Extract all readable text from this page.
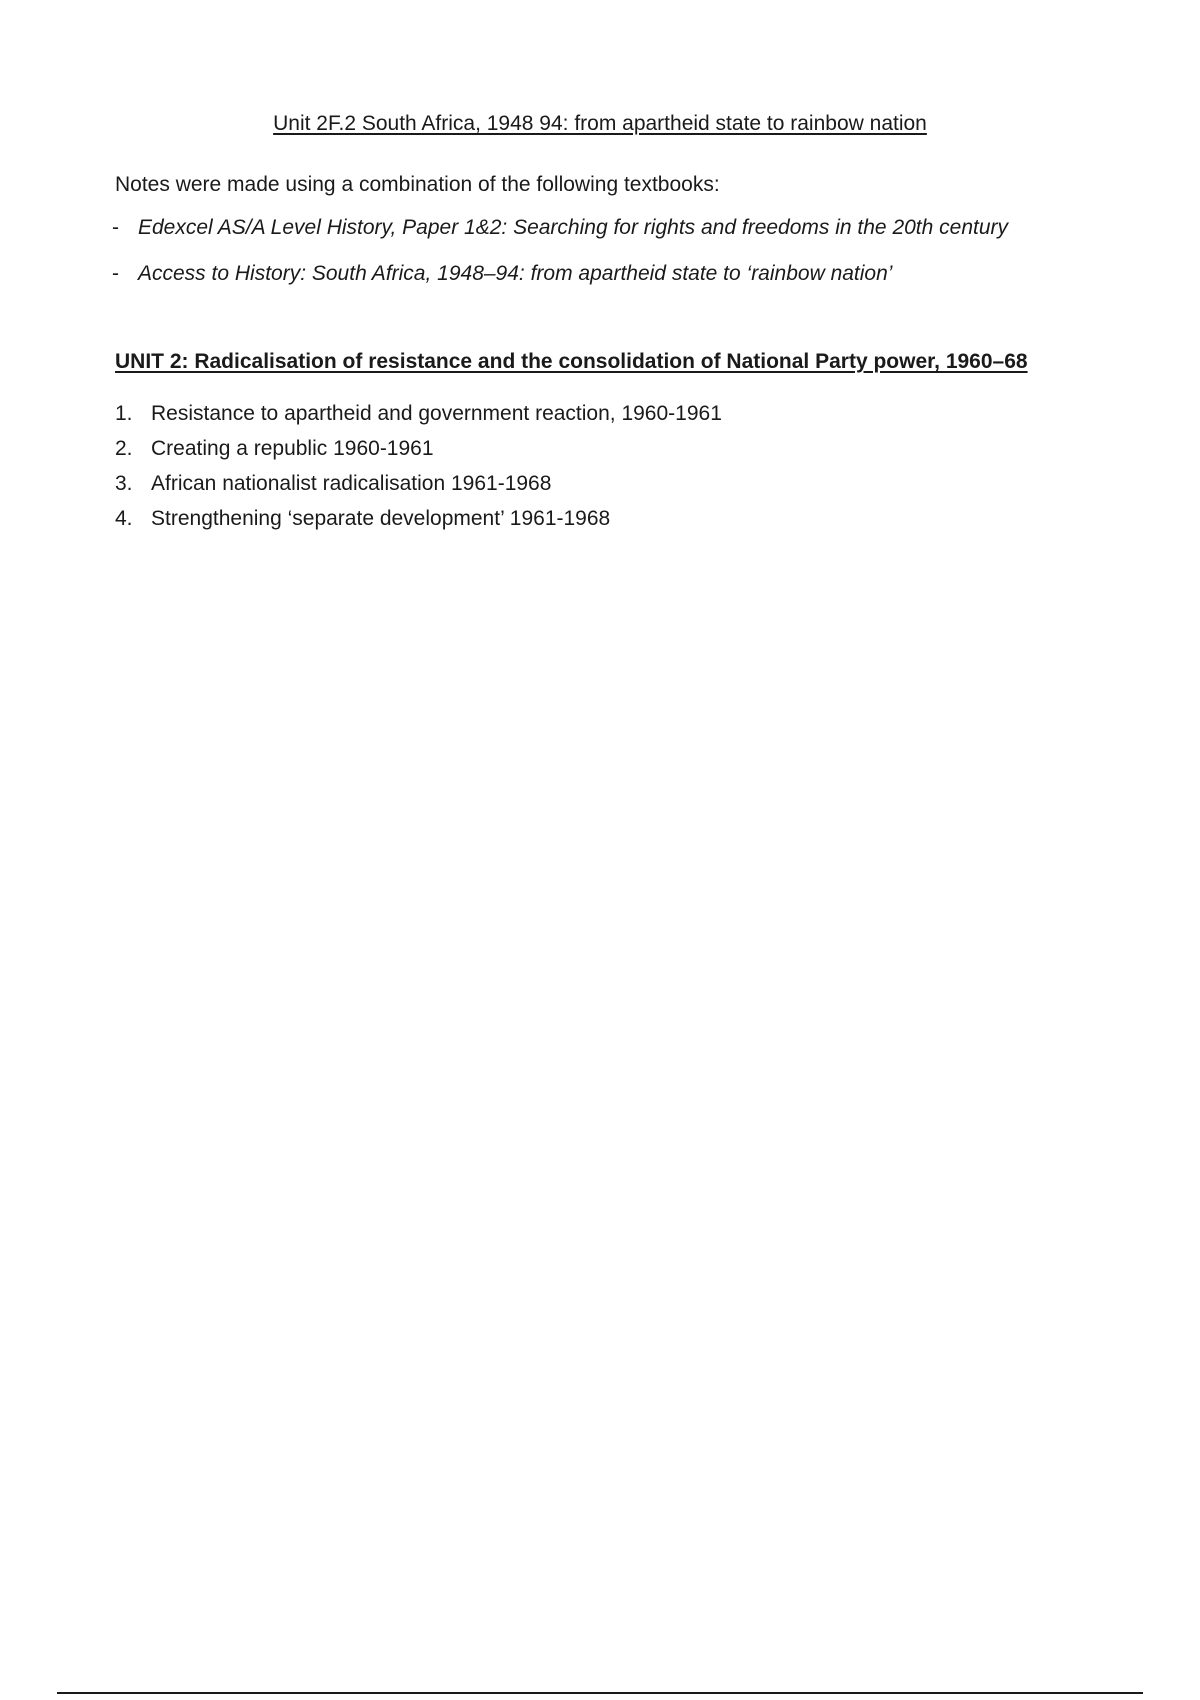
Unit 2F.2 South Africa, 1948 94: from apartheid state to rainbow nation

Notes were made using a combination of the following textbooks:

- Edexcel AS/A Level History, Paper 1&2: Searching for rights and freedoms in the 20th century
- Access to History: South Africa, 1948–94: from apartheid state to ‘rainbow nation’
UNIT 2: Radicalisation of resistance and the consolidation of National Party power, 1960–68
1. Resistance to apartheid and government reaction, 1960-1961
2. Creating a republic 1960-1961
3. African nationalist radicalisation 1961-1968
4. Strengthening ‘separate development’ 1961-1968
